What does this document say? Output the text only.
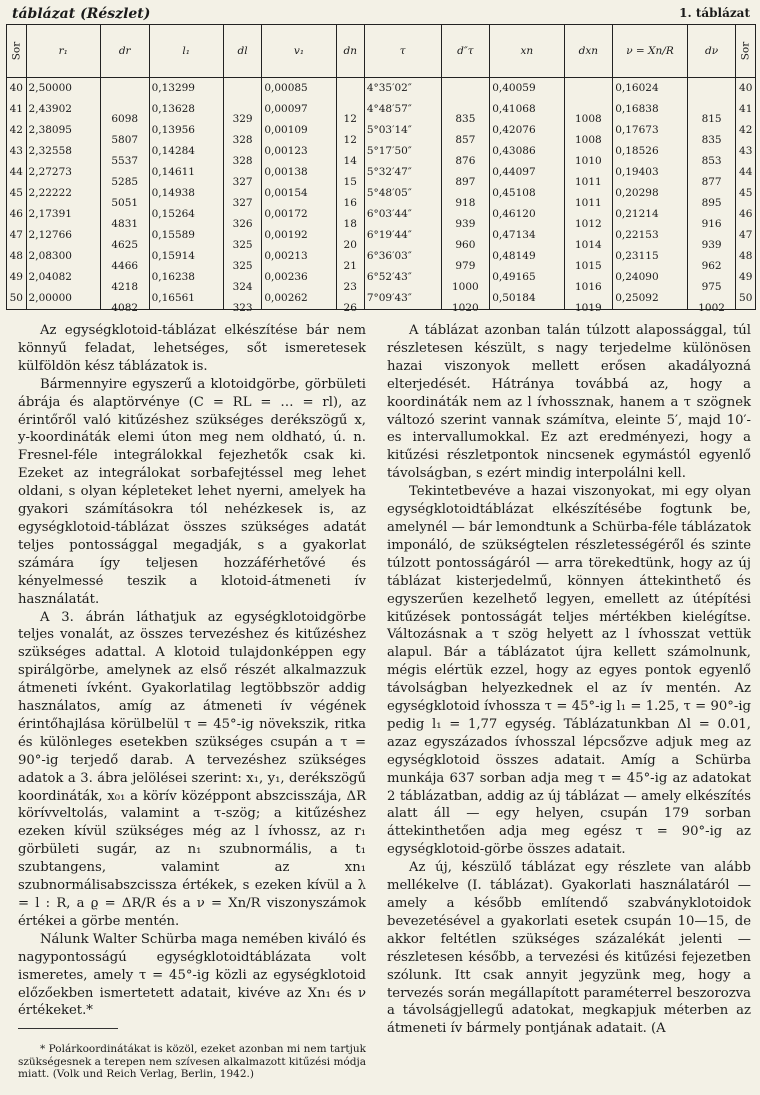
táblázat (Részlet)	1. táblázat
Sor	r₁	dr	l₁	dl	v₁	dn	τ	d″τ	xn	dxn	ν = Xn/R	dν	Sor
40	2,50000		0,13299		0,00085		4°35′02″		0,40059		0,16024		40
41	2,43902	6098	0,13628	329	0,00097	12	4°48′57″	835	0,41068	1008	0,16838	815	41
42	2,38095	5807	0,13956	328	0,00109	12	5°03′14″	857	0,42076	1008	0,17673	835	42
43	2,32558	5537	0,14284	328	0,00123	14	5°17′50″	876	0,43086	1010	0,18526	853	43
44	2,27273	5285	0,14611	327	0,00138	15	5°32′47″	897	0,44097	1011	0,19403	877	44
45	2,22222	5051	0,14938	327	0,00154	16	5°48′05″	918	0,45108	1011	0,20298	895	45
46	2,17391	4831	0,15264	326	0,00172	18	6°03′44″	939	0,46120	1012	0,21214	916	46
47	2,12766	4625	0,15589	325	0,00192	20	6°19′44″	960	0,47134	1014	0,22153	939	47
48	2,08300	4466	0,15914	325	0,00213	21	6°36′03″	979	0,48149	1015	0,23115	962	48
49	2,04082	4218	0,16238	324	0,00236	23	6°52′43″	1000	0,49165	1016	0,24090	975	49
50	2,00000	4082	0,16561	323	0,00262	26	7°09′43″	1020	0,50184	1019	0,25092	1002	50

Az egységklotoid-táblázat elkészítése bár nem könnyű feladat, lehetséges, sőt ismeretesek külföldön kész táblázatok is.

Bármennyire egyszerű a klotoidgörbe, görbületi ábrája és alaptörvénye (C = RL = … = rl), az érintőről való kitűzéshez szükséges derékszögű x, y-koordináták elemi úton meg nem oldható, ú. n. Fresnel-féle integrálokkal fejezhetők csak ki. Ezeket az integrálokat sorbafejtéssel meg lehet oldani, s olyan képleteket lehet nyerni, amelyek ha gyakori számításokra tól nehézkesek is, az egységklotoid-táblázat összes szükséges adatát teljes pontossággal megadják, s a gyakorlat számára így teljesen hozzáférhetővé és kényelmessé teszik a klotoid-átmeneti ív használatát.

A 3. ábrán láthatjuk az egységklotoidgörbe teljes vonalát, az összes tervezéshez és kitűzéshez szükséges adattal. A klotoid tulajdonképpen egy spirálgörbe, amelynek az első részét alkalmazzuk átmeneti ívként. Gyakorlatilag legtöbbször addig használatos, amíg az átmeneti ív végének érintőhajlása körülbelül τ = 45°-ig növekszik, ritka és különleges esetekben szükséges csupán a τ = 90°-ig terjedő darab. A tervezéshez szükséges adatok a 3. ábra jelölései szerint: x₁, y₁, derékszögű koordináták, x₀₁ a körív középpont abszcisszája, ΔR körívveltolás, valamint a τ-szög; a kitűzéshez ezeken kívül szükséges még az l ívhossz, az r₁ görbületi sugár, az n₁ szubnormális, a t₁ szubtangens, valamint az xn₁ szubnormálisabszcissza értékek, s ezeken kívül a λ = l : R, a ϱ = ΔR/R és a ν = Xn/R viszonyszámok értékei a görbe mentén.

Nálunk Walter Schürba maga nemében kiváló és nagypontosságú egységklotoidtáblázata volt ismeretes, amely τ = 45°-ig közli az egységklotoid előzőekben ismertetett adatait, kivéve az Xn₁ és ν értékeket.*

* Polárkoordinátákat is közöl, ezeket azonban mi nem tartjuk szükségesnek a terepen nem szívesen alkalmazott kitűzési módja miatt. (Volk und Reich Verlag, Berlin, 1942.)

A táblázat azonban talán túlzott alapossággal, túl részletesen készült, s nagy terjedelme különösen hazai viszonyok mellett erősen akadályozná elterjedését. Hátránya továbbá az, hogy a koordináták nem az l ívhossznak, hanem a τ szögnek változó szerint vannak számítva, eleinte 5′, majd 10′-es intervallumokkal. Ez azt eredményezi, hogy a kitűzési részletpontok nincsenek egymástól egyenlő távolságban, s ezért mindig interpolálni kell.

Tekintetbevéve a hazai viszonyokat, mi egy olyan egységklotoidtáblázat elkészítésébe fogtunk be, amelynél — bár lemondtunk a Schürba-féle táblázatok imponáló, de szükségtelen részletességéről és szinte túlzott pontosságáról — arra törekedtünk, hogy az új táblázat kisterjedelmű, könnyen áttekinthető és egyszerűen kezelhető legyen, emellett az útépítési kitűzések pontosságát teljes mértékben kielégítse. Változásnak a τ szög helyett az l ívhosszat vettük alapul. Bár a táblázatot újra kellett számolnunk, mégis elértük ezzel, hogy az egyes pontok egyenlő távolságban helyezkednek el az ív mentén. Az egységklotoid ívhossza τ = 45°-ig l₁ = 1.25, τ = 90°-ig pedig l₁ = 1,77 egység. Táblázatunkban Δl = 0.01, azaz egyszázados ívhosszal lépcsőzve adjuk meg az egységklotoid összes adatait. Amíg a Schürba munkája 637 sorban adja meg τ = 45°-ig az adatokat 2 táblázatban, addig az új táblázat — amely elkészítés alatt áll — egy helyen, csupán 179 sorban áttekinthetően adja meg egész τ = 90°-ig az egységklotoid-görbe összes adatait.

Az új, készülő táblázat egy részlete van alább mellékelve (I. táblázat). Gyakorlati használatáról — amely a később említendő szabványklotoidok bevezetésével a gyakorlati esetek csupán 10—15, de akkor feltétlen szükséges százalékát jelenti — részletesen később, a tervezési és kitűzési fejezetben szólunk. Itt csak annyit jegyzünk meg, hogy a tervezés során megállapított paraméterrel beszorozva a távolságjellegű adatokat, megkapjuk méterben az átmeneti ív bármely pontjának adatait. (A
